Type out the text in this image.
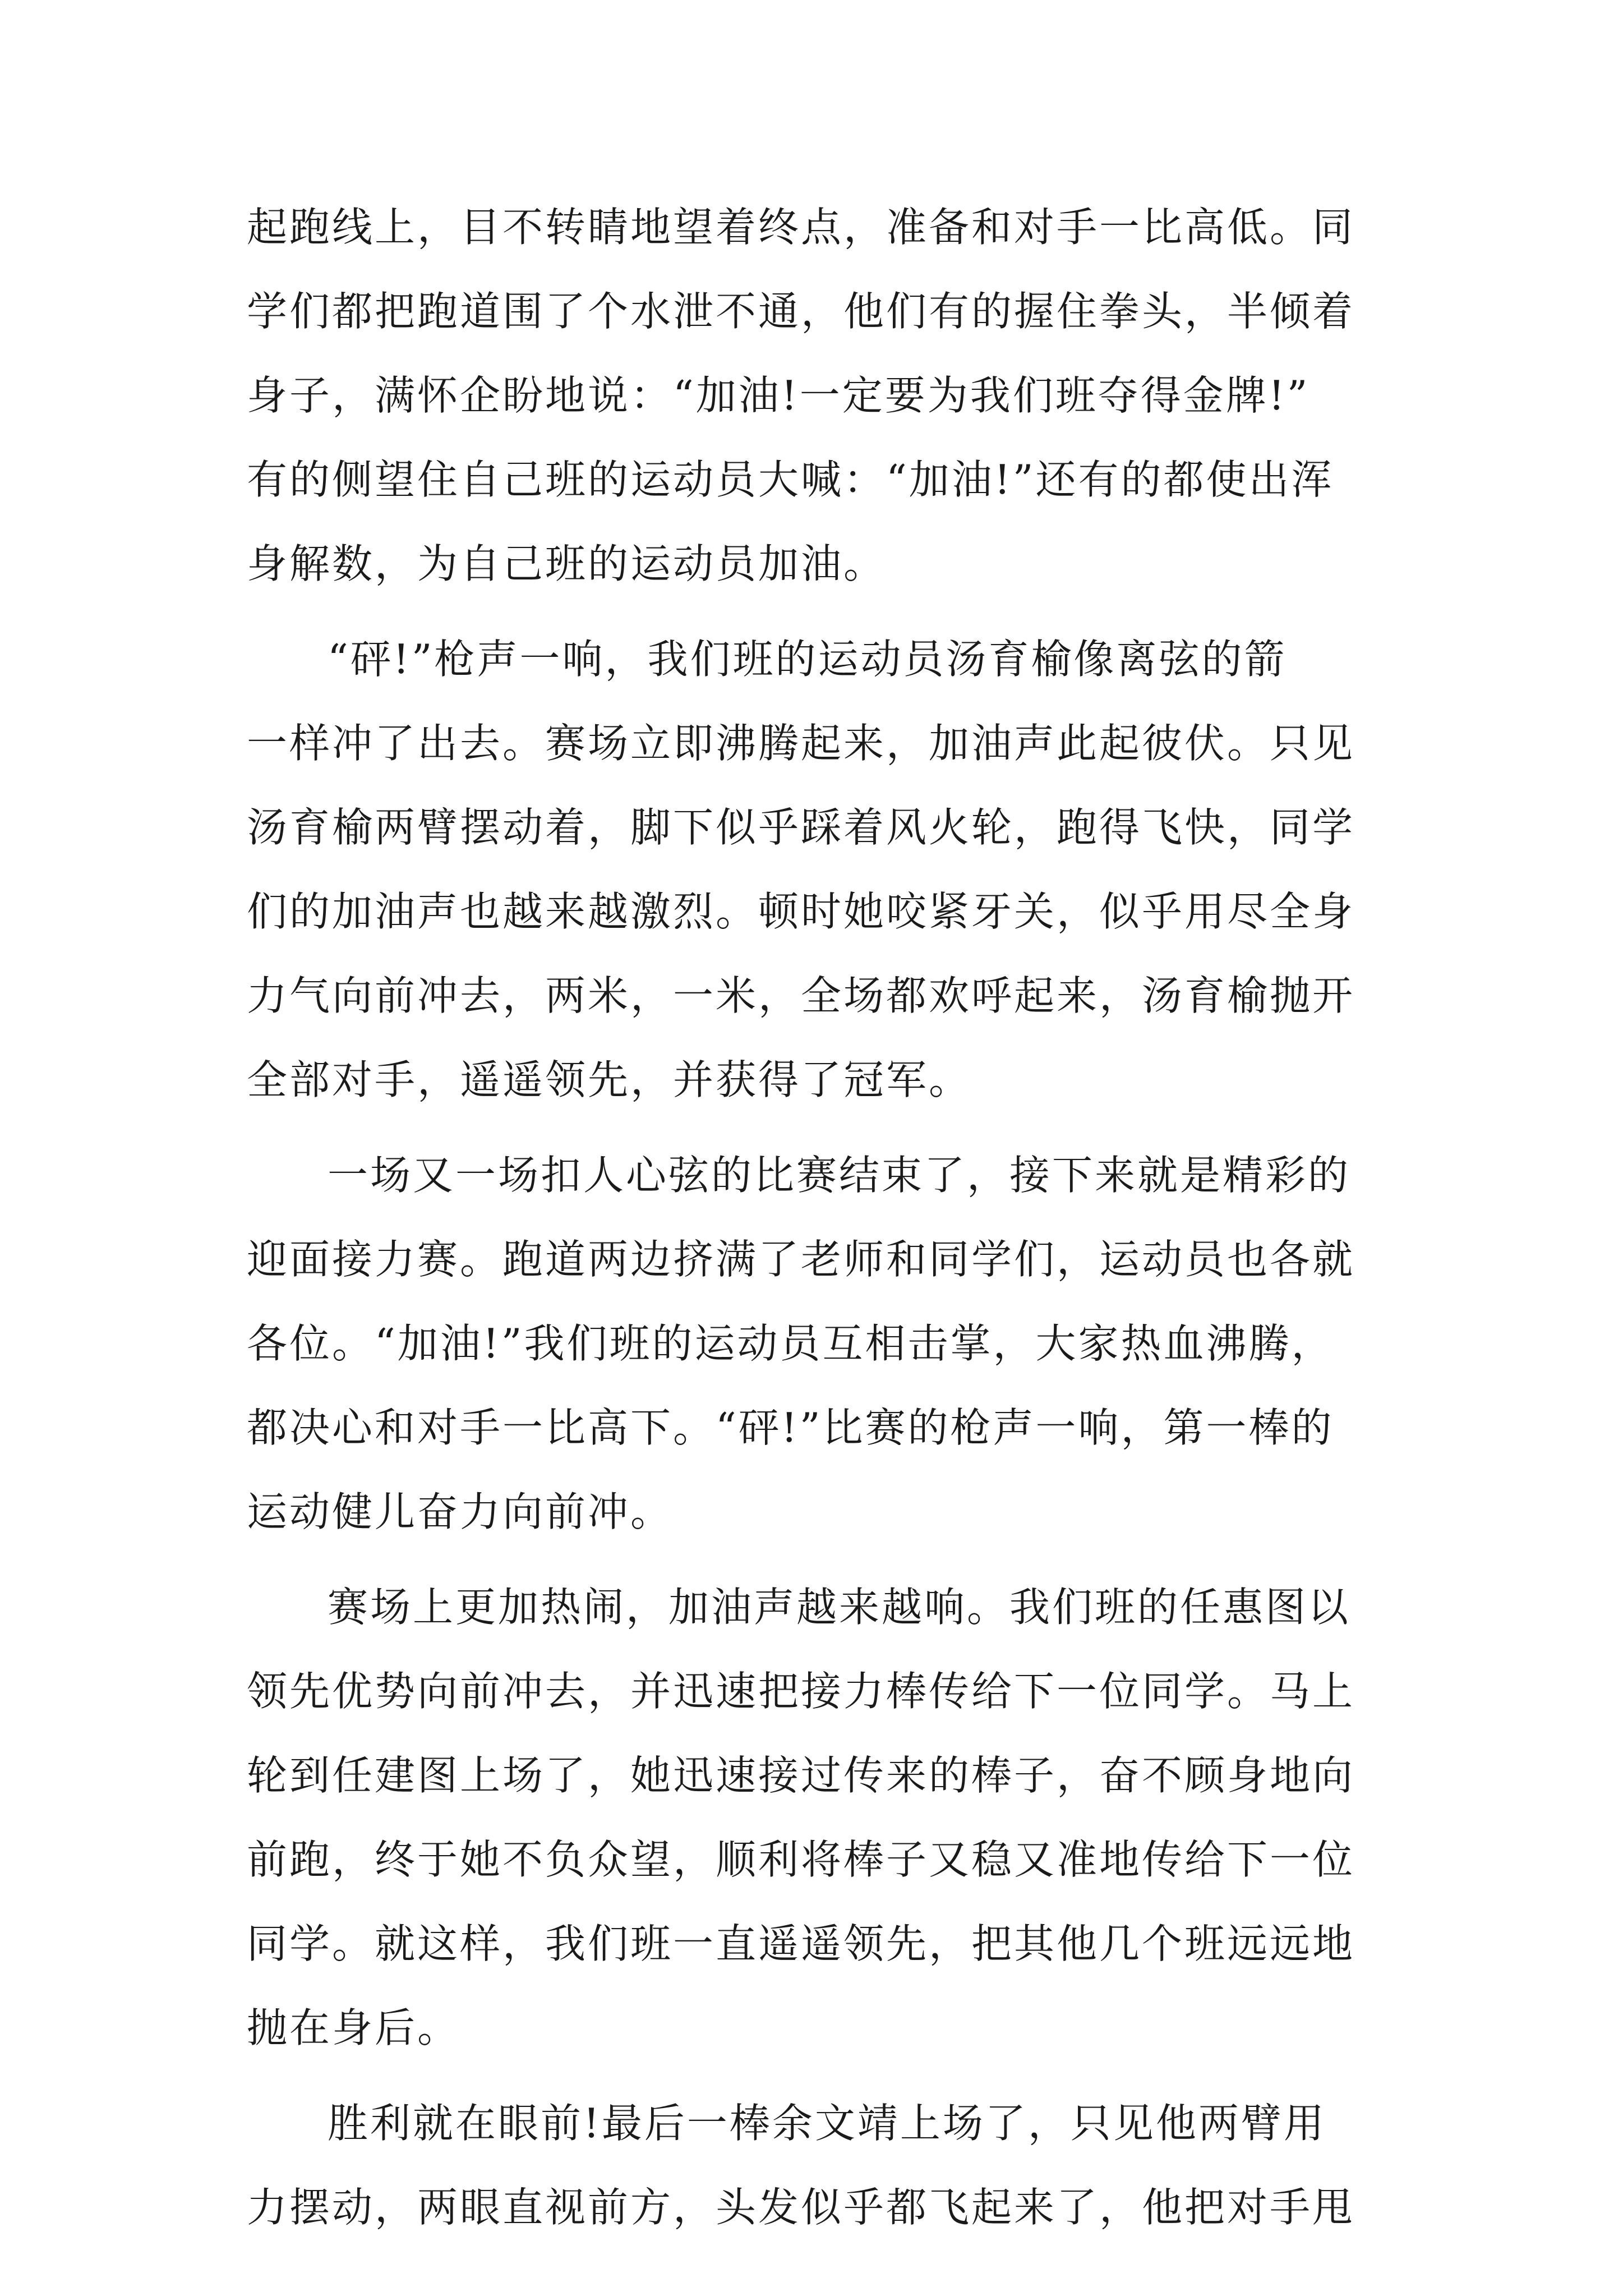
起跑线上，目不转睛地望着终点，准备和对手一比高低。同
学们都把跑道围了个水泄不通，他们有的握住拳头，半倾着
身子，满怀企盼地说：“加油!一定要为我们班夺得金牌!”
有的侧望住自己班的运动员大喊：“加油!”还有的都使出浑
身解数，为自己班的运动员加油。
“砰!”枪声一响，我们班的运动员汤育榆像离弦的箭
一样冲了出去。赛场立即沸腾起来，加油声此起彼伏。只见
汤育榆两臂摆动着，脚下似乎踩着风火轮，跑得飞快，同学
们的加油声也越来越激烈。顿时她咬紧牙关，似乎用尽全身
力气向前冲去，两米，一米，全场都欢呼起来，汤育榆抛开
全部对手，遥遥领先，并获得了冠军。
一场又一场扣人心弦的比赛结束了，接下来就是精彩的
迎面接力赛。跑道两边挤满了老师和同学们，运动员也各就
各位。“加油!”我们班的运动员互相击掌，大家热血沸腾，
都决心和对手一比高下。“砰!”比赛的枪声一响，第一棒的
运动健儿奋力向前冲。
赛场上更加热闹，加油声越来越响。我们班的任惠图以
领先优势向前冲去，并迅速把接力棒传给下一位同学。马上
轮到任建图上场了，她迅速接过传来的棒子，奋不顾身地向
前跑，终于她不负众望，顺利将棒子又稳又准地传给下一位
同学。就这样，我们班一直遥遥领先，把其他几个班远远地
抛在身后。
胜利就在眼前!最后一棒余文靖上场了，只见他两臂用
力摆动，两眼直视前方，头发似乎都飞起来了，他把对手甩
